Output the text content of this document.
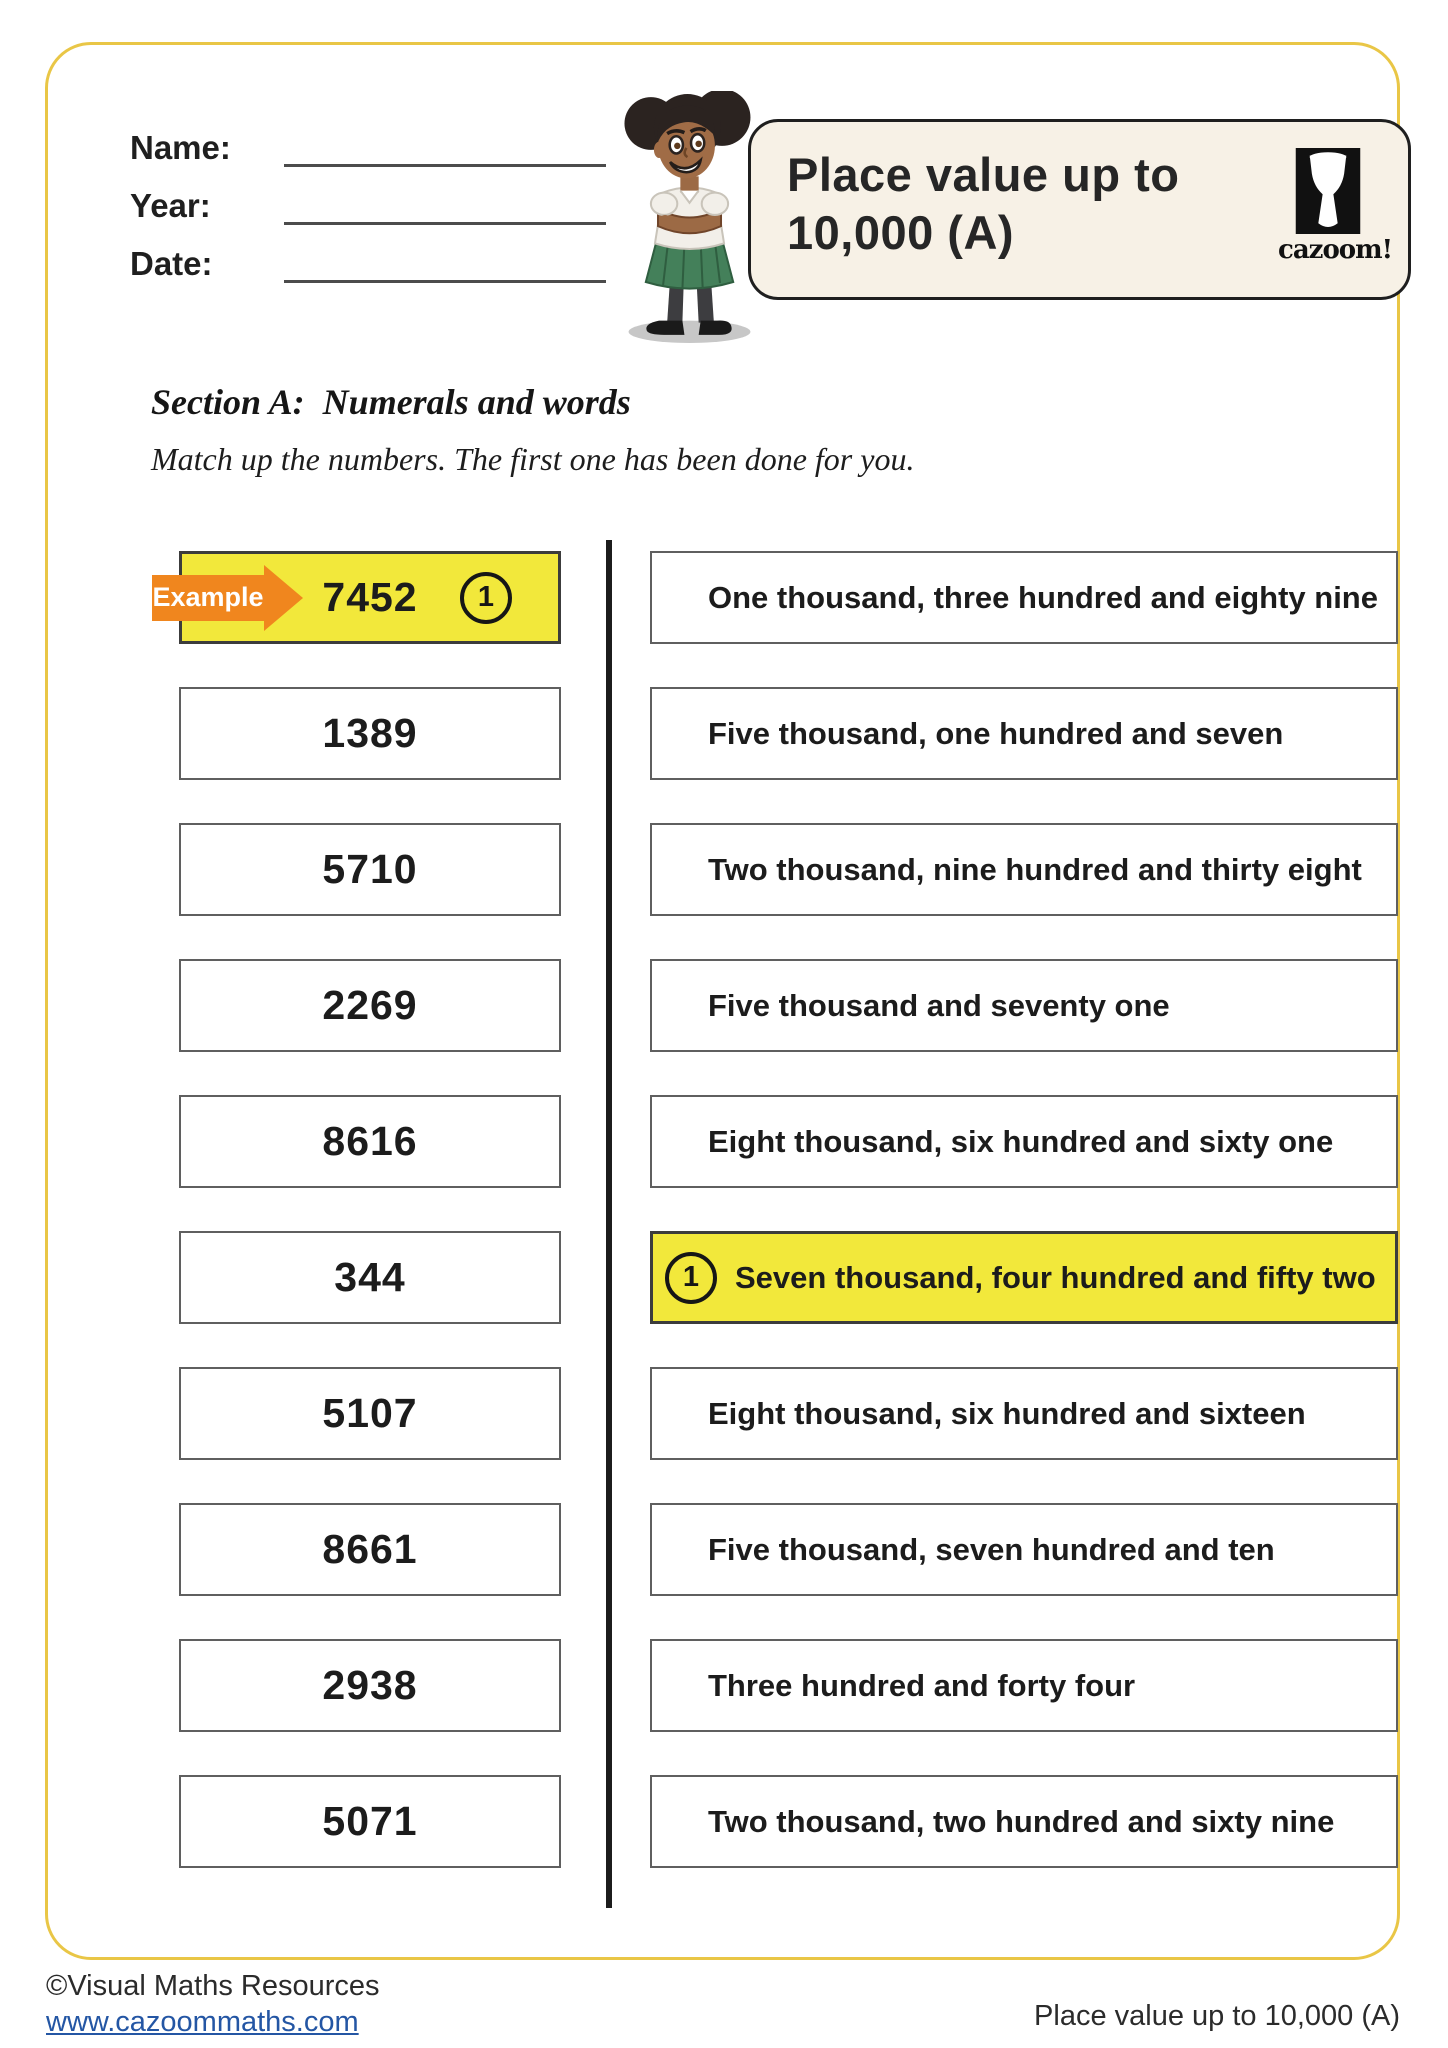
Name:
Year:
Date:
Place value up to
10,000 (A)	cazoom!
Section A:  Numerals and words
Match up the numbers. The first one has been done for you.
Example 7452	1
1389
5710
2269
8616
344
5107
8661
2938
5071
One thousand, three hundred and eighty nine
Five thousand, one hundred and seven
Two thousand, nine hundred and thirty eight
Five thousand and seventy one
Eight thousand, six hundred and sixty one
1	Seven thousand, four hundred and fifty two
Eight thousand, six hundred and sixteen
Five thousand, seven hundred and ten
Three hundred and forty four
Two thousand, two hundred and sixty nine
©Visual Maths Resources
www.cazoommaths.com	Place value up to 10,000 (A)
